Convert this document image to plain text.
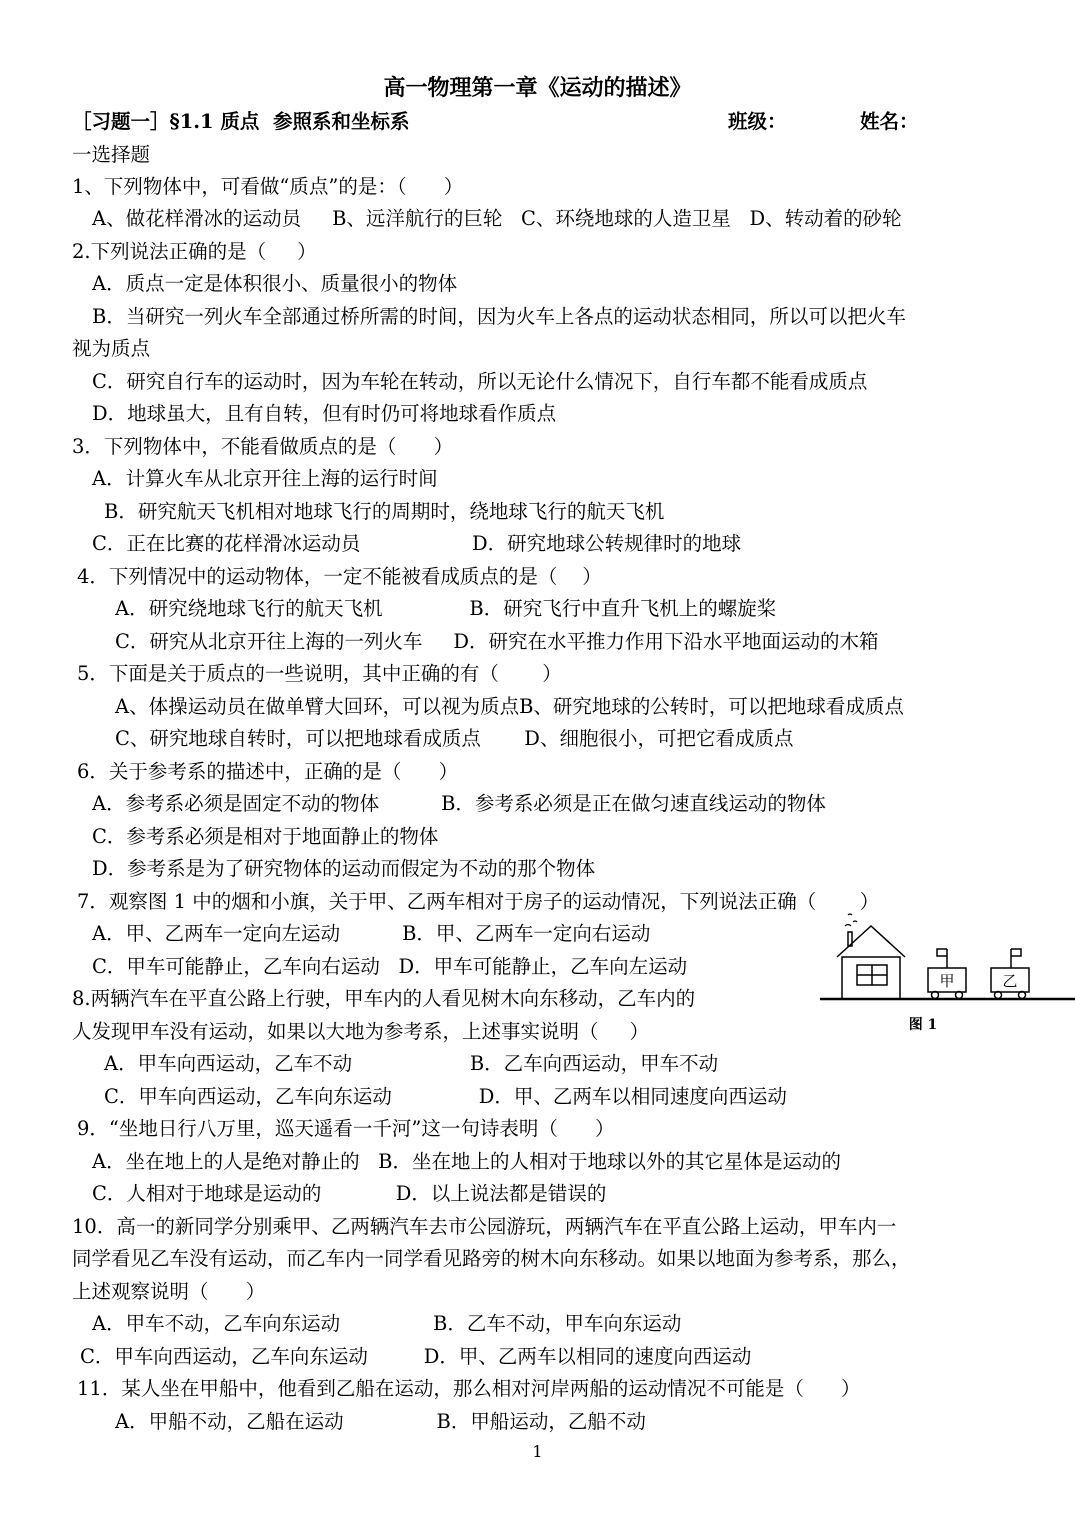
高一物理第一章《运动的描述》
［习题一］§1.1 质点  参照系和坐标系	班级：	姓名：
一选择题
1、下列物体中，可看做“质点”的是：（      ）
A、做花样滑冰的运动员     B、远洋航行的巨轮   C、环绕地球的人造卫星   D、转动着的砂轮
2.下列说法正确的是（     ）
A．质点一定是体积很小、质量很小的物体
B．当研究一列火车全部通过桥所需的时间，因为火车上各点的运动状态相同，所以可以把火车
视为质点
C．研究自行车的运动时，因为车轮在转动，所以无论什么情况下，自行车都不能看成质点
D．地球虽大，且有自转，但有时仍可将地球看作质点
3．下列物体中，不能看做质点的是（      ）
A．计算火车从北京开往上海的运行时间
B．研究航天飞机相对地球飞行的周期时，绕地球飞行的航天飞机
C．正在比赛的花样滑冰运动员                  D．研究地球公转规律时的地球
4．下列情况中的运动物体，一定不能被看成质点的是（    ）
A．研究绕地球飞行的航天飞机              B．研究飞行中直升飞机上的螺旋桨
C．研究从北京开往上海的一列火车     D．研究在水平推力作用下沿水平地面运动的木箱
5．下面是关于质点的一些说明，其中正确的有（       ）
A、体操运动员在做单臂大回环，可以视为质点B、研究地球的公转时，可以把地球看成质点
C、研究地球自转时，可以把地球看成质点       D、细胞很小，可把它看成质点
6．关于参考系的描述中，正确的是（      ）
A．参考系必须是固定不动的物体          B．参考系必须是正在做匀速直线运动的物体
C．参考系必须是相对于地面静止的物体
D．参考系是为了研究物体的运动而假定为不动的那个物体
7．观察图 1 中的烟和小旗，关于甲、乙两车相对于房子的运动情况，下列说法正确（       ）
A．甲、乙两车一定向左运动          B．甲、乙两车一定向右运动
C．甲车可能静止，乙车向右运动   D．甲车可能静止，乙车向左运动
8.两辆汽车在平直公路上行驶，甲车内的人看见树木向东移动，乙车内的
人发现甲车没有运动，如果以大地为参考系，上述事实说明（     ）
A．甲车向西运动，乙车不动                   B．乙车向西运动，甲车不动
C．甲车向西运动，乙车向东运动              D．甲、乙两车以相同速度向西运动
9．“坐地日行八万里，巡天遥看一千河”这一句诗表明（      ）
A．坐在地上的人是绝对静止的   B．坐在地上的人相对于地球以外的其它星体是运动的
C．人相对于地球是运动的            D．以上说法都是错误的
10．高一的新同学分别乘甲、乙两辆汽车去市公园游玩，两辆汽车在平直公路上运动，甲车内一
同学看见乙车没有运动，而乙车内一同学看见路旁的树木向东移动。如果以地面为参考系，那么，
上述观察说明（      ）
A．甲车不动，乙车向东运动               B．乙车不动，甲车向东运动
C．甲车向西运动，乙车向东运动         D．甲、乙两车以相同的速度向西运动
11．某人坐在甲船中，他看到乙船在运动，那么相对河岸两船的运动情况不可能是（      ）
A．甲船不动，乙船在运动               B．甲船运动，乙船不动
甲	乙
图 1
1
